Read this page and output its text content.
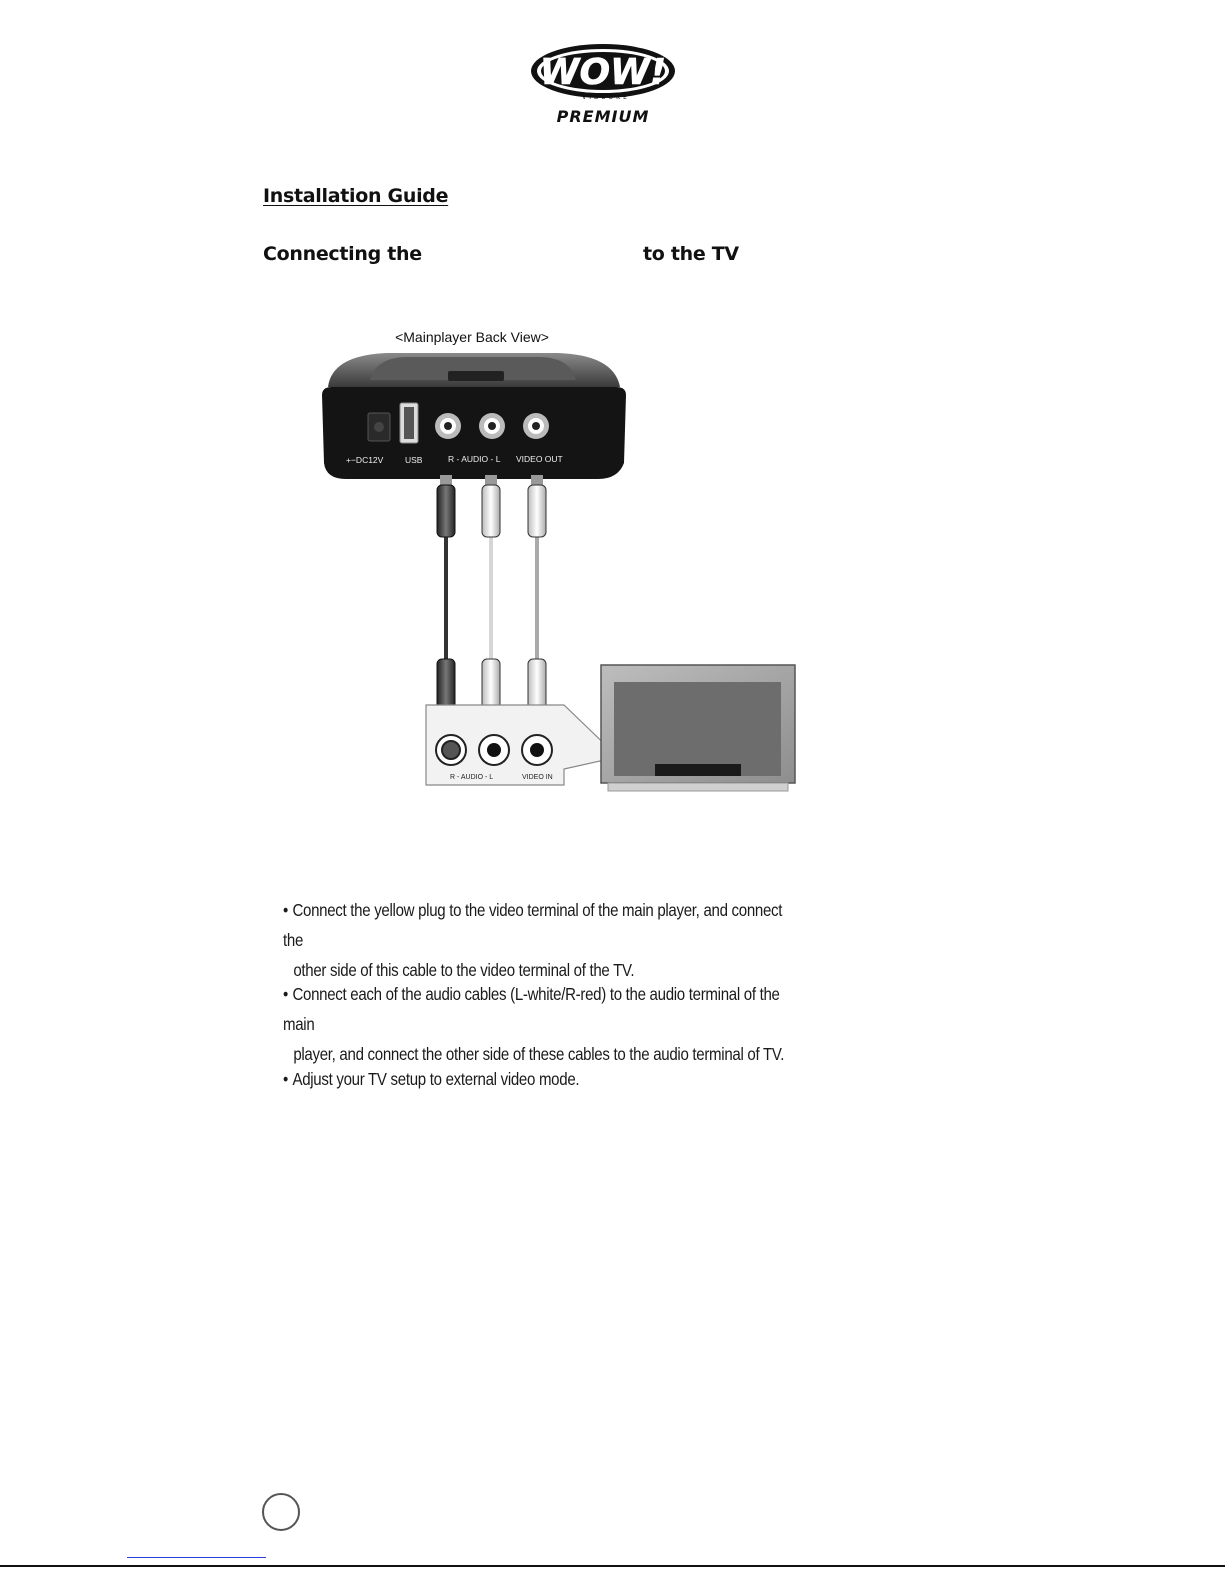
WOW!
VIDEOKE
PREMIUM
Installation Guide
Connecting the	to the TV
<Mainplayer Back View>
+−DC12V	USB	R - AUDIO - L VIDEO OUT
R - AUDIO - L	VIDEO IN
• Connect the yellow plug to the video terminal of the main player, and connect the
other side of this cable to the video terminal of the TV.
• Connect each of the audio cables (L-white/R-red) to the audio terminal of the main
player, and connect the other side of these cables to the audio terminal of TV.
• Adjust your TV setup to external video mode.
